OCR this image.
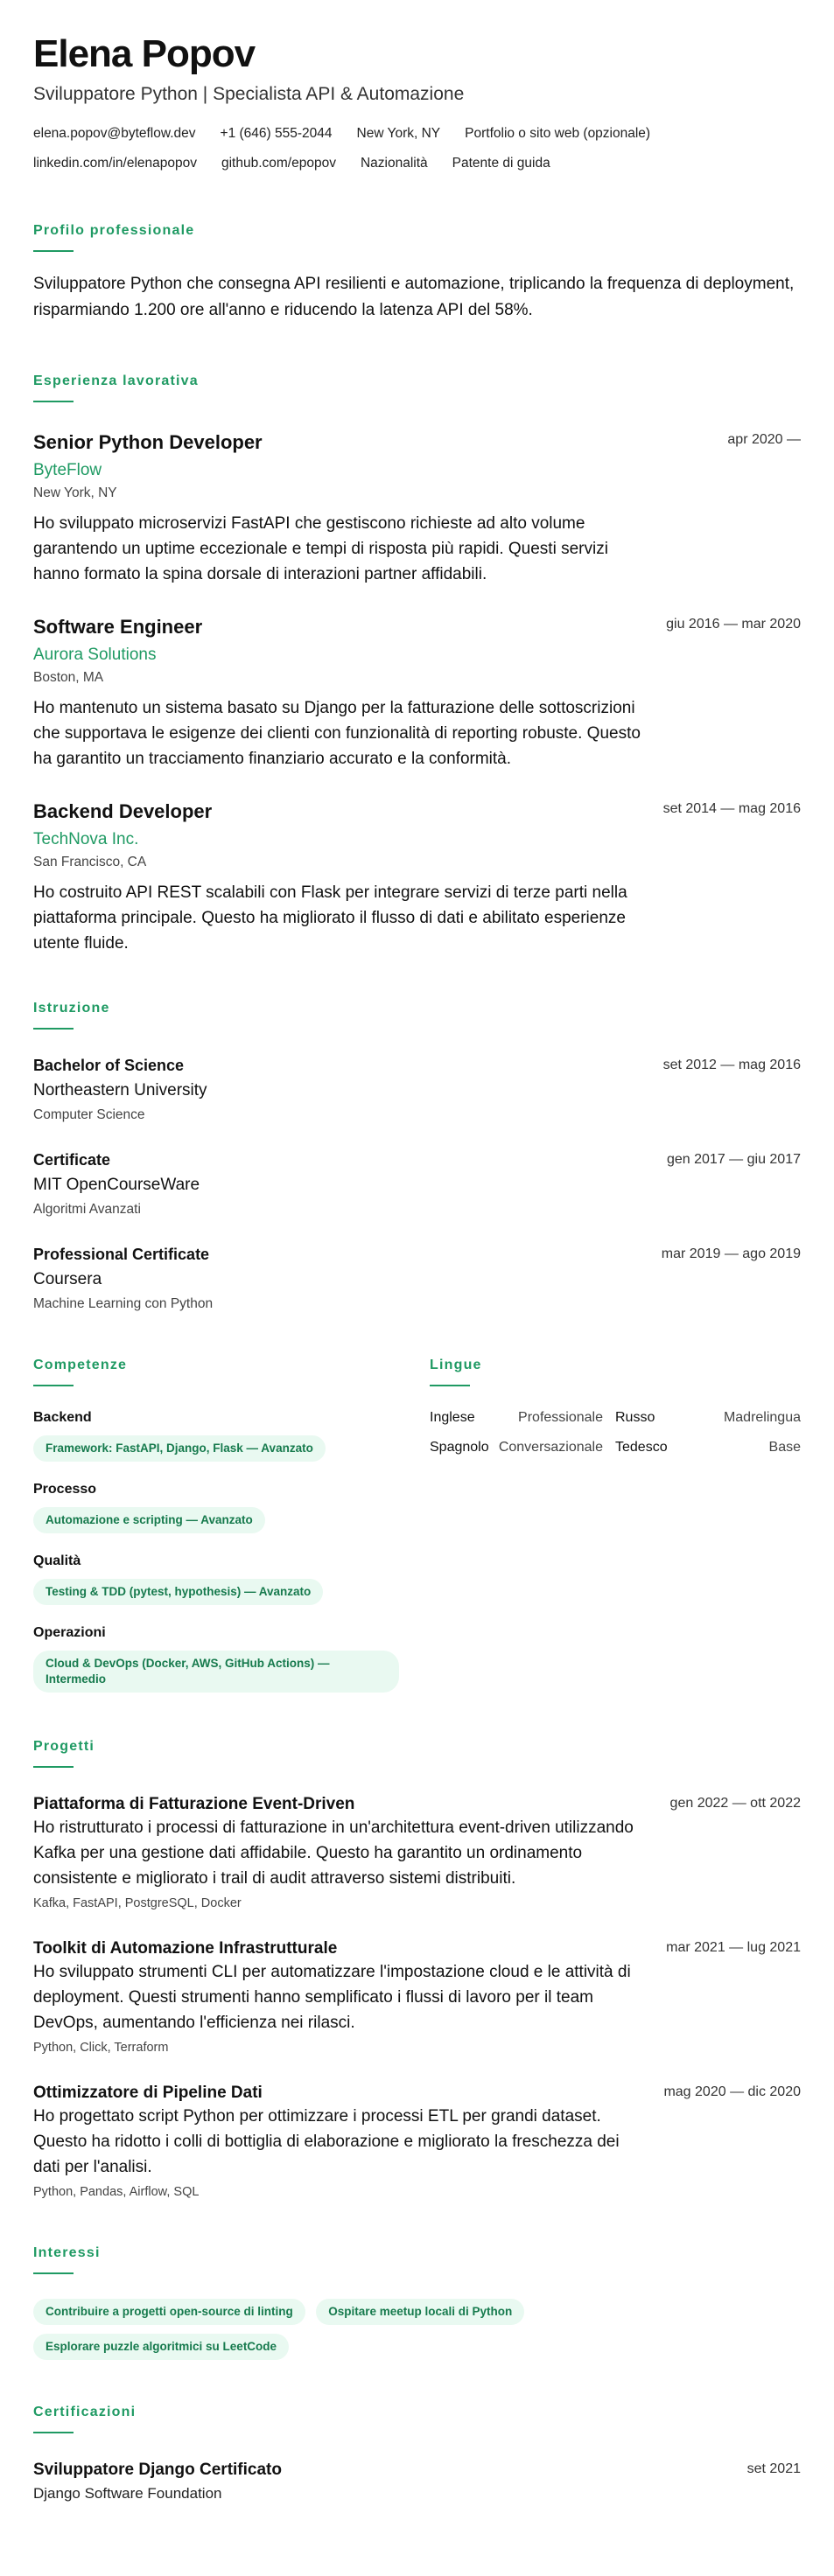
Elena Popov
Sviluppatore Python | Specialista API & Automazione
elena.popov@byteflow.dev +1 (646) 555-2044 New York, NY Portfolio o sito web (opzionale)
linkedin.com/in/elenapopov github.com/epopov Nazionalità Patente di guida
Profilo professionale
Sviluppatore Python che consegna API resilienti e automazione, triplicando la frequenza di deployment, risparmiando 1.200 ore all'anno e riducendo la latenza API del 58%.
Esperienza lavorativa
Senior Python Developer	apr 2020 —
ByteFlow
New York, NY
Ho sviluppato microservizi FastAPI che gestiscono richieste ad alto volume garantendo un uptime eccezionale e tempi di risposta più rapidi. Questi servizi hanno formato la spina dorsale di interazioni partner affidabili.
Software Engineer	giu 2016 — mar 2020
Aurora Solutions
Boston, MA
Ho mantenuto un sistema basato su Django per la fatturazione delle sottoscrizioni che supportava le esigenze dei clienti con funzionalità di reporting robuste. Questo ha garantito un tracciamento finanziario accurato e la conformità.
Backend Developer	set 2014 — mag 2016
TechNova Inc.
San Francisco, CA
Ho costruito API REST scalabili con Flask per integrare servizi di terze parti nella piattaforma principale. Questo ha migliorato il flusso di dati e abilitato esperienze utente fluide.
Istruzione
Bachelor of Science	set 2012 — mag 2016
Northeastern University
Computer Science
Certificate	gen 2017 — giu 2017
MIT OpenCourseWare
Algoritmi Avanzati
Professional Certificate	mar 2019 — ago 2019
Coursera
Machine Learning con Python
Competenze
Backend
Framework: FastAPI, Django, Flask — Avanzato
Processo
Automazione e scripting — Avanzato
Qualità
Testing & TDD (pytest, hypothesis) — Avanzato
Operazioni
Cloud & DevOps (Docker, AWS, GitHub Actions) — Intermedio
Lingue
Inglese	Professionale Russo	Madrelingua
Spagnolo Conversazionale Tedesco	Base
Progetti
Piattaforma di Fatturazione Event-Driven	gen 2022 — ott 2022
Ho ristrutturato i processi di fatturazione in un'architettura event-driven utilizzando Kafka per una gestione dati affidabile. Questo ha garantito un ordinamento consistente e migliorato i trail di audit attraverso sistemi distribuiti.
Kafka, FastAPI, PostgreSQL, Docker
Toolkit di Automazione Infrastrutturale	mar 2021 — lug 2021
Ho sviluppato strumenti CLI per automatizzare l'impostazione cloud e le attività di deployment. Questi strumenti hanno semplificato i flussi di lavoro per il team DevOps, aumentando l'efficienza nei rilasci.
Python, Click, Terraform
Ottimizzatore di Pipeline Dati	mag 2020 — dic 2020
Ho progettato script Python per ottimizzare i processi ETL per grandi dataset. Questo ha ridotto i colli di bottiglia di elaborazione e migliorato la freschezza dei dati per l'analisi.
Python, Pandas, Airflow, SQL
Interessi
Contribuire a progetti open-source di linting	Ospitare meetup locali di Python Esplorare puzzle algoritmici su LeetCode
Certificazioni
Sviluppatore Django Certificato	set 2021
Django Software Foundation
